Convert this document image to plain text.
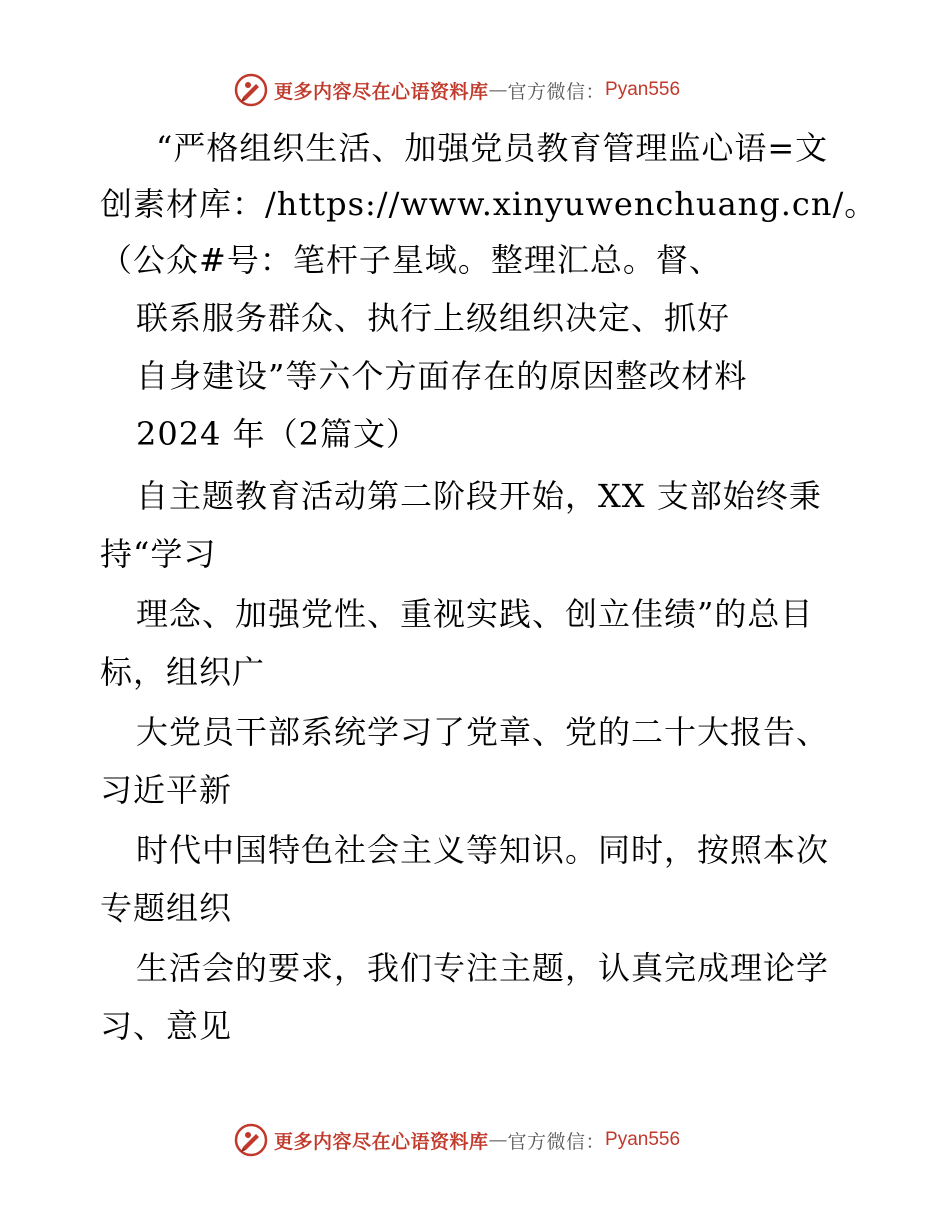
更多内容尽在心语资料库 — 官方微信： Pyan556
“严格组织生活、加强党员教育管理监心语=文
创素材库：/https://www.xinyuwenchuang.cn/。
（公众#号：笔杆子星域。整理汇总。督、
联系服务群众、执行上级组织决定、抓好
自身建设”等六个方面存在的原因整改材料
2024 年（2篇文）
自主题教育活动第二阶段开始，XX 支部始终秉
持“学习
理念、加强党性、重视实践、创立佳绩”的总目
标，组织广
大党员干部系统学习了党章、党的二十大报告、
习近平新
时代中国特色社会主义等知识。同时，按照本次
专题组织
生活会的要求，我们专注主题，认真完成理论学
习、意见
更多内容尽在心语资料库 — 官方微信： Pyan556
